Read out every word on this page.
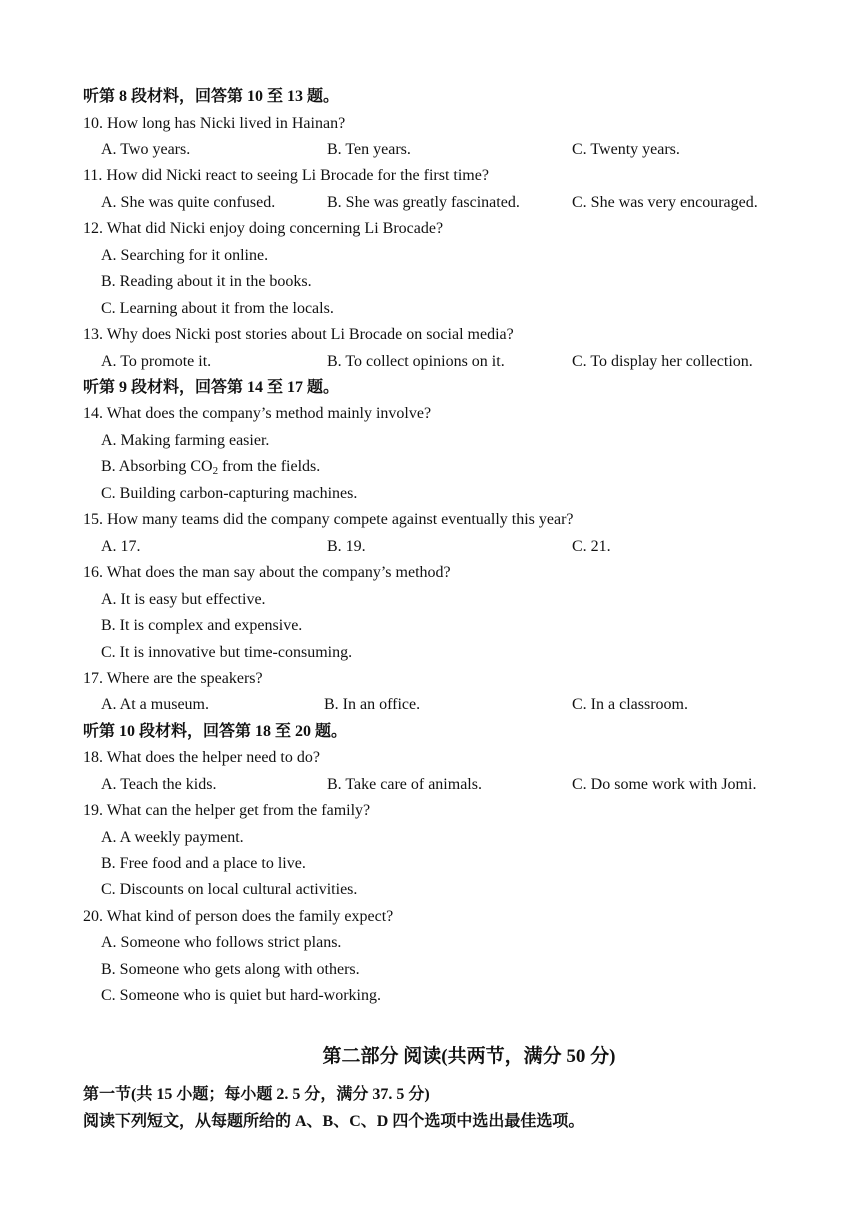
听第 8 段材料，回答第 10 至 13 题。
10. How long has Nicki lived in Hainan?
A. Two years.	B. Ten years.	C. Twenty years.
11. How did Nicki react to seeing Li Brocade for the first time?
A. She was quite confused.	B. She was greatly fascinated.	C. She was very encouraged.
12. What did Nicki enjoy doing concerning Li Brocade?
A. Searching for it online.
B. Reading about it in the books.
C. Learning about it from the locals.
13. Why does Nicki post stories about Li Brocade on social media?
A. To promote it.	B. To collect opinions on it.	C. To display her collection.
听第 9 段材料，回答第 14 至 17 题。
14. What does the company’s method mainly involve?
A. Making farming easier.
B. Absorbing $CO_2$ from the fields.
C. Building carbon-capturing machines.
15. How many teams did the company compete against eventually this year?
A. 17.	B. 19.	C. 21.
16. What does the man say about the company’s method?
A. It is easy but effective.
B. It is complex and expensive.
C. It is innovative but time-consuming.
17. Where are the speakers?
A. At a museum.	B. In an office.	C. In a classroom.
听第 10 段材料，回答第 18 至 20 题。
18. What does the helper need to do?
A. Teach the kids.	B. Take care of animals.	C. Do some work with Jomi.
19. What can the helper get from the family?
A. A weekly payment.
B. Free food and a place to live.
C. Discounts on local cultural activities.
20. What kind of person does the family expect?
A. Someone who follows strict plans.
B. Someone who gets along with others.
C. Someone who is quiet but hard-working.
第二部分 阅读(共两节，满分 50 分)
第一节(共 15 小题；每小题 2. 5 分，满分 37. 5 分)
阅读下列短文，从每题所给的 A、B、C、D 四个选项中选出最佳选项。
